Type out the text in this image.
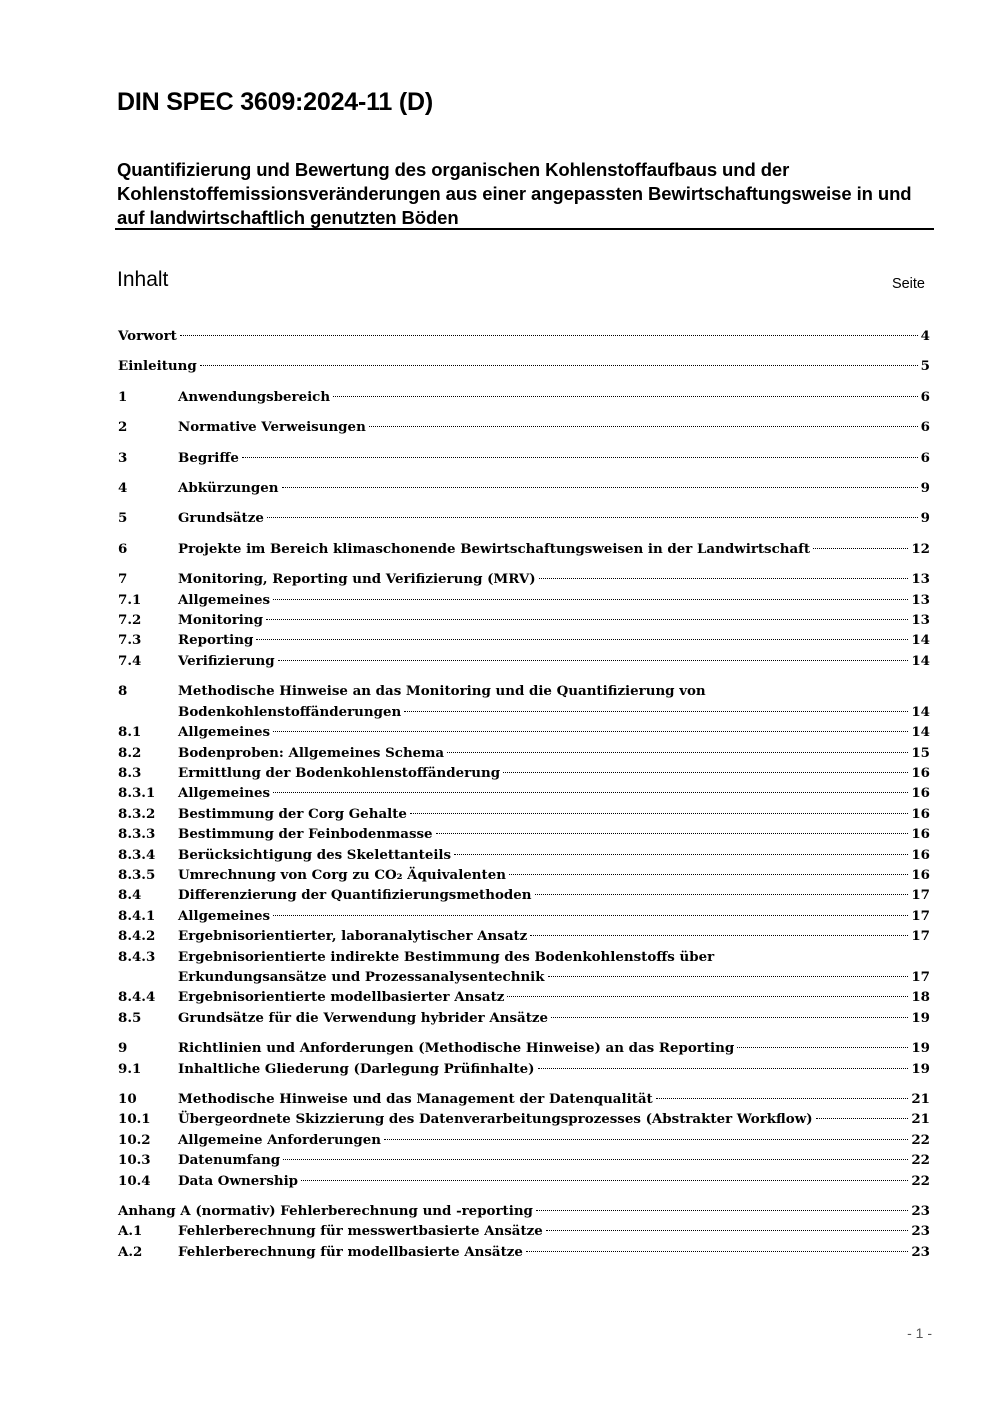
DIN SPEC 3609:2024-11 (D)
Quantifizierung und Bewertung des organischen Kohlenstoffaufbaus und der Kohlenstoffemissionsveränderungen aus einer angepassten Bewirtschaftungsweise in und auf landwirtschaftlich genutzten Böden
Inhalt	Seite
Vorwort	4
Einleitung	5
1	Anwendungsbereich	6
2	Normative Verweisungen	6
3	Begriffe	6
4	Abkürzungen	9
5	Grundsätze	9
6	Projekte im Bereich klimaschonende Bewirtschaftungsweisen in der Landwirtschaft	12
7	Monitoring, Reporting und Verifizierung (MRV)	13
7.1	Allgemeines	13
7.2	Monitoring	13
7.3	Reporting	14
7.4	Verifizierung	14
8	Methodische Hinweise an das Monitoring und die Quantifizierung von
Bodenkohlenstoffänderungen	14
8.1	Allgemeines	14
8.2	Bodenproben: Allgemeines Schema	15
8.3	Ermittlung der Bodenkohlenstoffänderung	16
8.3.1 Allgemeines	16
8.3.2 Bestimmung der Corg Gehalte	16
8.3.3 Bestimmung der Feinbodenmasse	16
8.3.4 Berücksichtigung des Skelettanteils	16
8.3.5 Umrechnung von Corg zu CO₂ Äquivalenten	16
8.4	Differenzierung der Quantifizierungsmethoden	17
8.4.1 Allgemeines	17
8.4.2 Ergebnisorientierter, laboranalytischer Ansatz	17
8.4.3 Ergebnisorientierte indirekte Bestimmung des Bodenkohlenstoffs über
Erkundungsansätze und Prozessanalysentechnik	17
8.4.4 Ergebnisorientierte modellbasierter Ansatz	18
8.5	Grundsätze für die Verwendung hybrider Ansätze	19
9	Richtlinien und Anforderungen (Methodische Hinweise) an das Reporting	19
9.1	Inhaltliche Gliederung (Darlegung Prüfinhalte)	19
10	Methodische Hinweise und das Management der Datenqualität	21
10.1 Übergeordnete Skizzierung des Datenverarbeitungsprozesses (Abstrakter Workflow)	21
10.2 Allgemeine Anforderungen	22
10.3 Datenumfang	22
10.4 Data Ownership	22
Anhang A (normativ) Fehlerberechnung und -reporting	23
A.1	Fehlerberechnung für messwertbasierte Ansätze	23
A.2	Fehlerberechnung für modellbasierte Ansätze	23
- 1 -
